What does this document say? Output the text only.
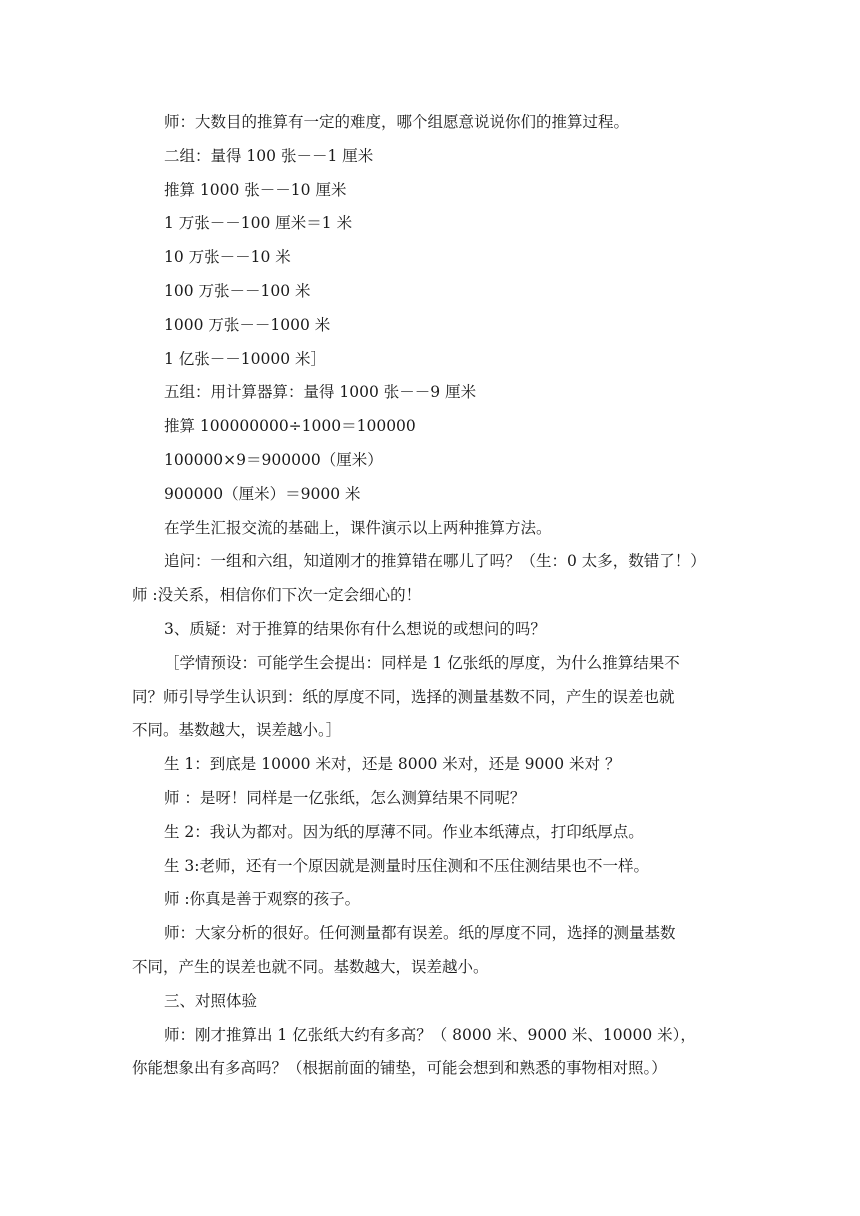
师：大数目的推算有一定的难度，哪个组愿意说说你们的推算过程。
二组：量得 100 张－－1 厘米
推算 1000 张－－10 厘米
1 万张－－100 厘米＝1 米
10 万张－－10 米
100 万张－－100 米
1000 万张－－1000 米
1 亿张－－10000 米］
五组：用计算器算：量得 1000 张－－9 厘米
推算 100000000÷1000＝100000
100000×9＝900000（厘米）
900000（厘米）＝9000 米
在学生汇报交流的基础上，课件演示以上两种推算方法。
追问：一组和六组，知道刚才的推算错在哪儿了吗？（生：0 太多，数错了！）
师 :没关系，相信你们下次一定会细心的！
3、质疑：对于推算的结果你有什么想说的或想问的吗？
［学情预设：可能学生会提出：同样是 1 亿张纸的厚度，为什么推算结果不
同？师引导学生认识到：纸的厚度不同，选择的测量基数不同，产生的误差也就
不同。基数越大，误差越小。］
生 1：到底是 10000 米对，还是 8000 米对，还是 9000 米对 ？
师 ：是呀！同样是一亿张纸，怎么测算结果不同呢？
生 2：我认为都对。因为纸的厚薄不同。作业本纸薄点，打印纸厚点。
生 3:老师，还有一个原因就是测量时压住测和不压住测结果也不一样。
师 :你真是善于观察的孩子。
师：大家分析的很好。任何测量都有误差。纸的厚度不同，选择的测量基数
不同，产生的误差也就不同。基数越大，误差越小。
三、对照体验
师：刚才推算出 1 亿张纸大约有多高？（ 8000 米、9000 米、10000 米），
你能想象出有多高吗？（根据前面的铺垫，可能会想到和熟悉的事物相对照。）
